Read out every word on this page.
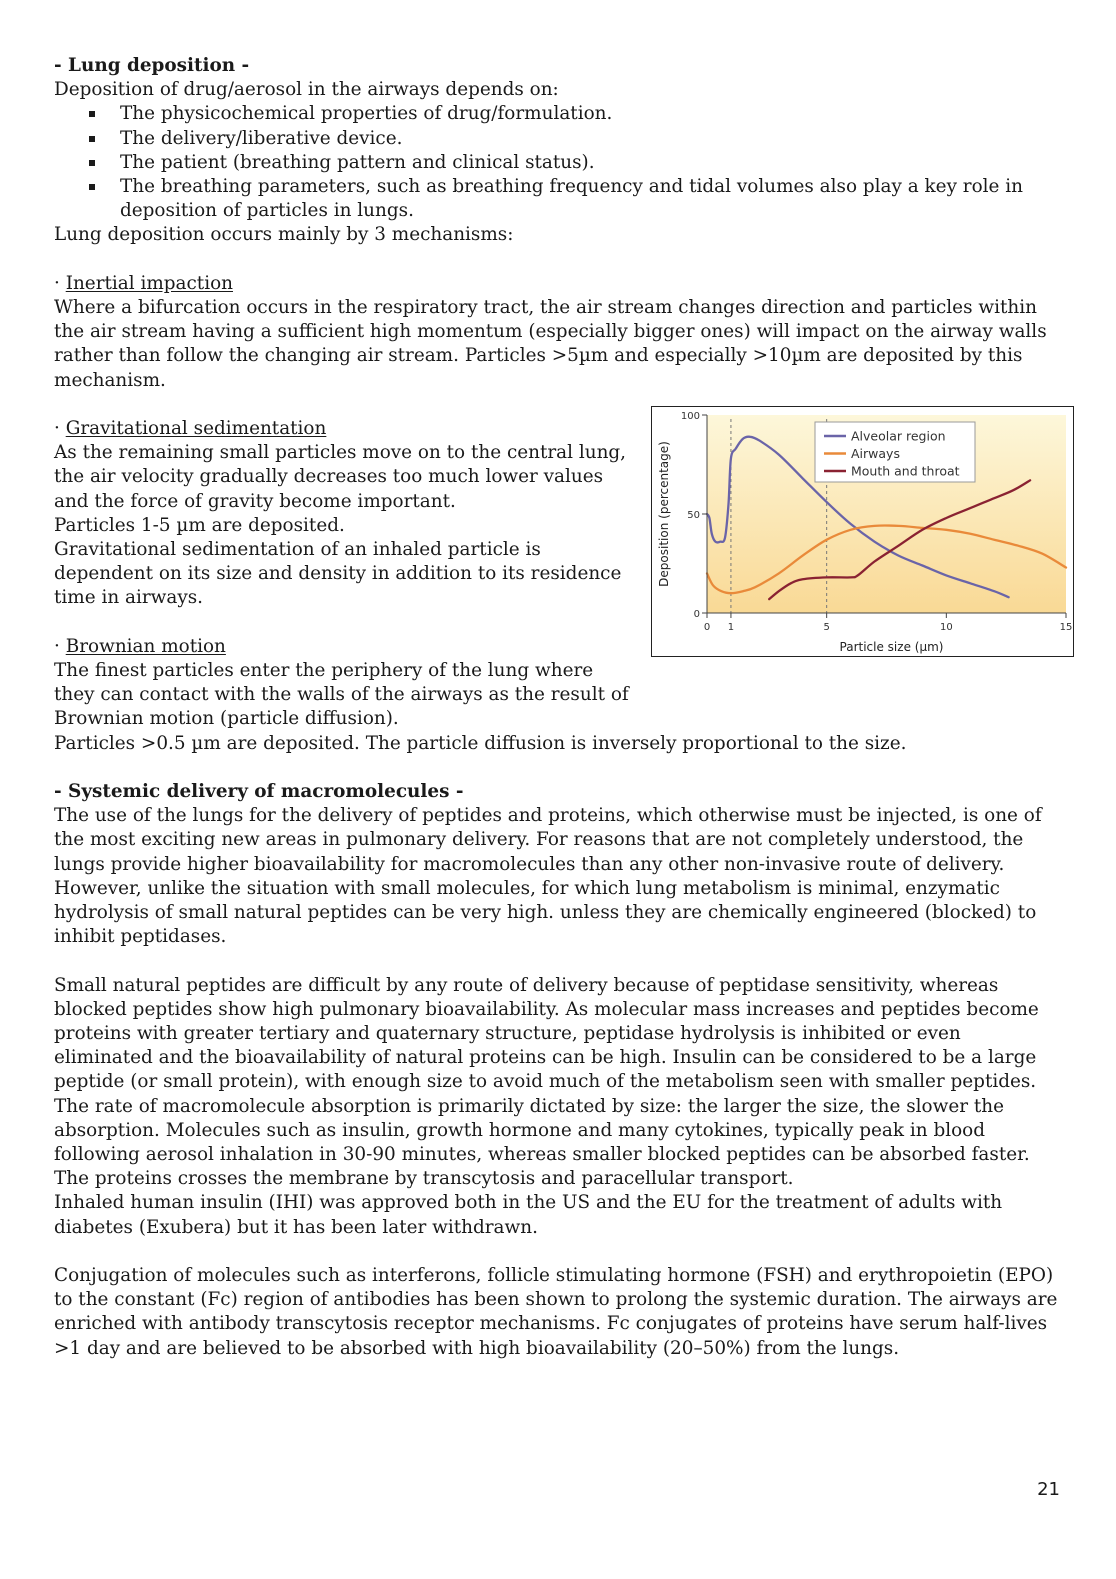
- Lung deposition -

Deposition of drug/aerosol in the airways depends on:

The physicochemical properties of drug/formulation.
The delivery/liberative device.
The patient (breathing pattern and clinical status).
The breathing parameters, such as breathing frequency and tidal volumes also play a key role in deposition of particles in lungs.

Lung deposition occurs mainly by 3 mechanisms:

· Inertial impaction

Where a bifurcation occurs in the respiratory tract, the air stream changes direction and particles within the air stream having a sufficient high momentum (especially bigger ones) will impact on the airway walls rather than follow the changing air stream. Particles >5µm and especially >10µm are deposited by this mechanism.

· Gravitational sedimentation

As the remaining small particles move on to the central lung, the air velocity gradually decreases too much lower values and the force of gravity become important.

Particles 1-5 µm are deposited.

Gravitational sedimentation of an inhaled particle is dependent on its size and density in addition to its residence time in airways.

· Brownian motion

The finest particles enter the periphery of the lung where they can contact with the walls of the airways as the result of Brownian motion (particle diffusion).

Particles >0.5 µm are deposited. The particle diffusion is inversely proportional to the size.

- Systemic delivery of macromolecules -

The use of the lungs for the delivery of peptides and proteins, which otherwise must be injected, is one of the most exciting new areas in pulmonary delivery. For reasons that are not completely understood, the lungs provide higher bioavailability for macromolecules than any other non-invasive route of delivery. However, unlike the situation with small molecules, for which lung metabolism is minimal, enzymatic hydrolysis of small natural peptides can be very high. unless they are chemically engineered (blocked) to inhibit peptidases.

Small natural peptides are difficult by any route of delivery because of peptidase sensitivity, whereas blocked peptides show high pulmonary bioavailability. As molecular mass increases and peptides become proteins with greater tertiary and quaternary structure, peptidase hydrolysis is inhibited or even eliminated and the bioavailability of natural proteins can be high. Insulin can be considered to be a large peptide (or small protein), with enough size to avoid much of the metabolism seen with smaller peptides.

The rate of macromolecule absorption is primarily dictated by size: the larger the size, the slower the absorption. Molecules such as insulin, growth hormone and many cytokines, typically peak in blood following aerosol inhalation in 30-90 minutes, whereas smaller blocked peptides can be absorbed faster. The proteins crosses the membrane by transcytosis and paracellular transport.

Inhaled human insulin (IHI) was approved both in the US and the EU for the treatment of adults with diabetes (Exubera) but it has been later withdrawn.

Conjugation of molecules such as interferons, follicle stimulating hormone (FSH) and erythropoietin (EPO) to the constant (Fc) region of antibodies has been shown to prolong the systemic duration. The airways are enriched with antibody transcytosis receptor mechanisms. Fc conjugates of proteins have serum half-lives >1 day and are believed to be absorbed with high bioavailability (20–50%) from the lungs.

0
50
100
0 1	5	10	15
Particle size (µm)
Deposition (percentage)
Alveolar region
Airways
Mouth and throat
21
